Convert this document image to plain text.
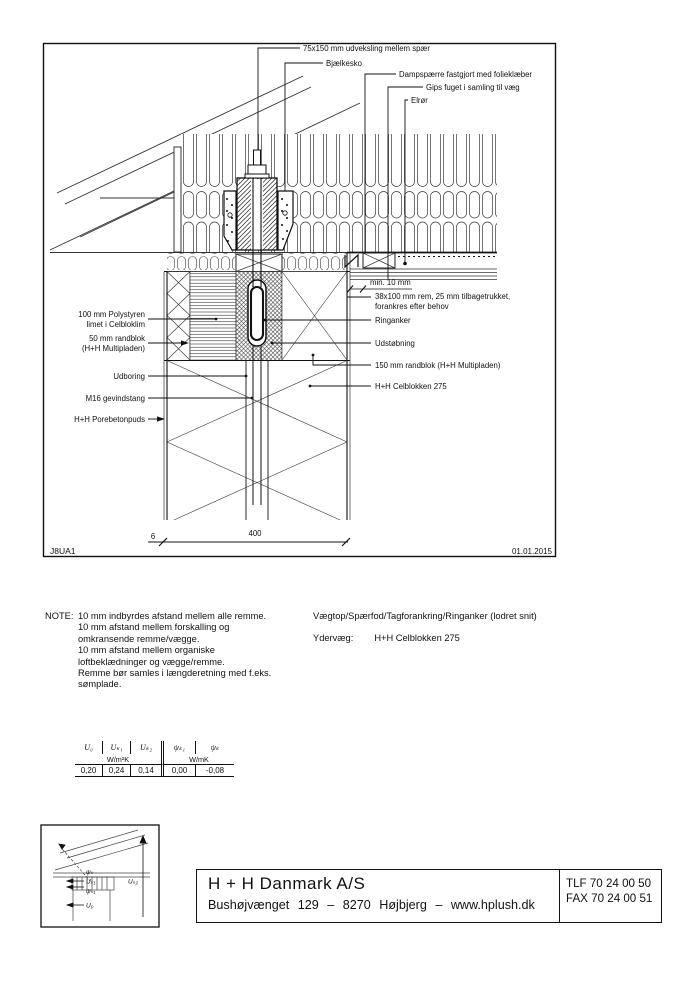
75x150 mm udveksling mellem spær
Bjælkesko
Dampspærre fastgjort med folieklæber
Gips fuget i samling til væg
Elrør
100 mm Polystyren
limet i Celbloklim
50 mm randblok
(H+H Multipladen)
Udboring
M16 gevindstang
H+H Porebetonpuds
min. 10 mm
38x100 mm rem, 25 mm tilbagetrukket,
forankres efter behov
Ringanker
Udstøbning
150 mm randblok (H+H Multipladen)
H+H Celblokken 275
6	400
J8UA1	01.01.2015
NOTE: 10 mm indbyrdes afstand mellem alle remme.
10 mm afstand mellem forskalling og
omkransende remme/vægge.
10 mm afstand mellem organiske
loftbeklædninger og vægge/remme.
Remme bør samles i længderetning med f.eks.
sømplade.
Vægtop/Spærfod/Tagforankring/Ringanker (lodret snit)
Ydervæg: H+H Celblokken 275
U₀	Uₖ₁	Uₖ₂	ψₖ₁	ψₖ
W/m²K	W/mK
0,20	0,24	0,14	0,00	-0,08
ψₖ
Uₖ₁
ψₖ₁
Uₖ₂
U₀
H + H Danmark A/S
Bushøjvænget 129 – 8270 Højbjerg – www.hplush.dk
TLF 70 24 00 50
FAX 70 24 00 51
